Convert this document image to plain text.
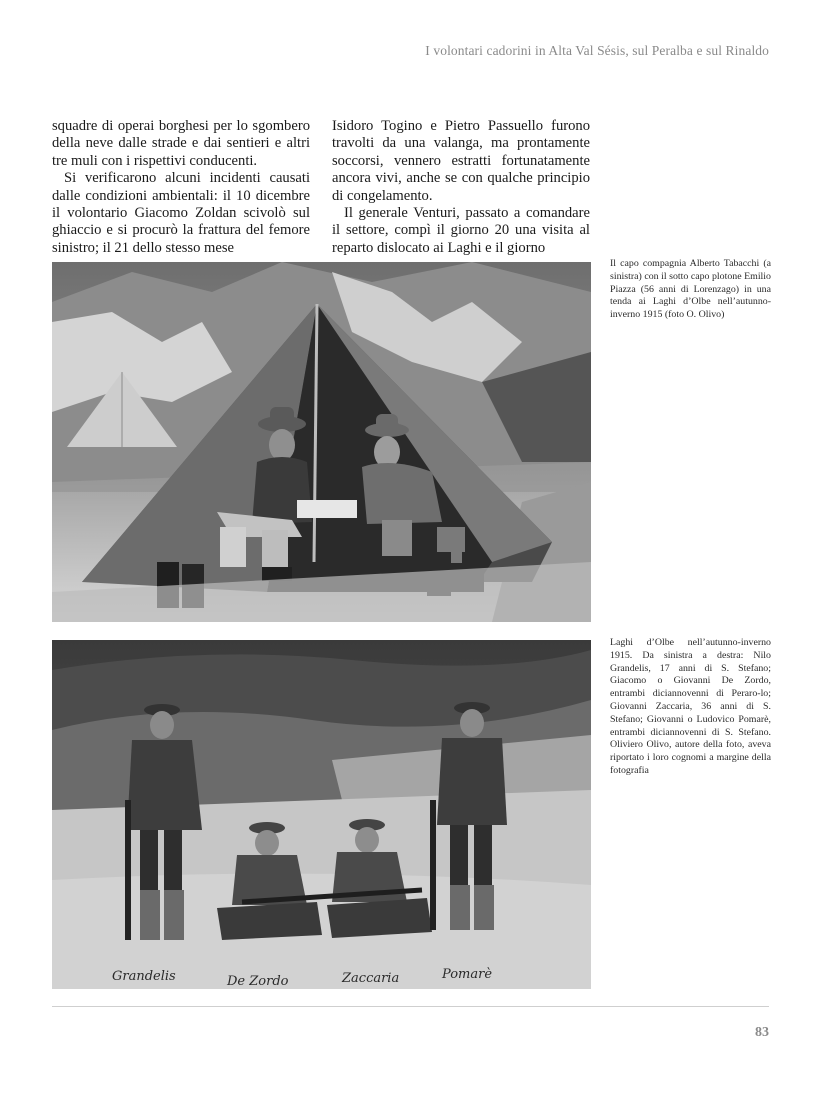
I volontari cadorini in Alta Val Sésis, sul Peralba e sul Rinaldo

squadre di operai borghesi per lo sgombero della neve dalle strade e dai sentieri e altri tre muli con i rispettivi conducenti.

Si verificarono alcuni incidenti causati dalle condizioni ambientali: il 10 dicembre il volontario Giacomo Zoldan scivolò sul ghiaccio e si procurò la frattura del femore sinistro; il 21 dello stesso mese

Isidoro Togino e Pietro Passuello furono travolti da una valanga, ma prontamente soccorsi, vennero estratti fortunatamente ancora vivi, anche se con qualche principio di congelamento.

Il generale Venturi, passato a comandare il settore, compì il giorno 20 una visita al reparto dislocato ai Laghi e il giorno

Il capo compagnia Alberto Tabacchi (a sinistra) con il sotto capo plotone Emilio Piazza (56 anni di Lorenzago) in una tenda ai Laghi d’Olbe nell’autunno-inverno 1915 (foto O. Olivo)
Grandelis	De Zordo	Zaccaria	Pomarè
Laghi d’Olbe nell’autunno-inverno 1915. Da sinistra a destra: Nilo Grandelis, 17 anni di S. Stefano; Giacomo o Giovanni De Zordo, entrambi diciannovenni di Peraro-lo; Giovanni Zaccaria, 36 anni di S. Stefano; Giovanni o Ludovico Pomarè, entrambi diciannovenni di S. Stefano. Oliviero Olivo, autore della foto, aveva riportato i loro cognomi a margine della fotografia
83
